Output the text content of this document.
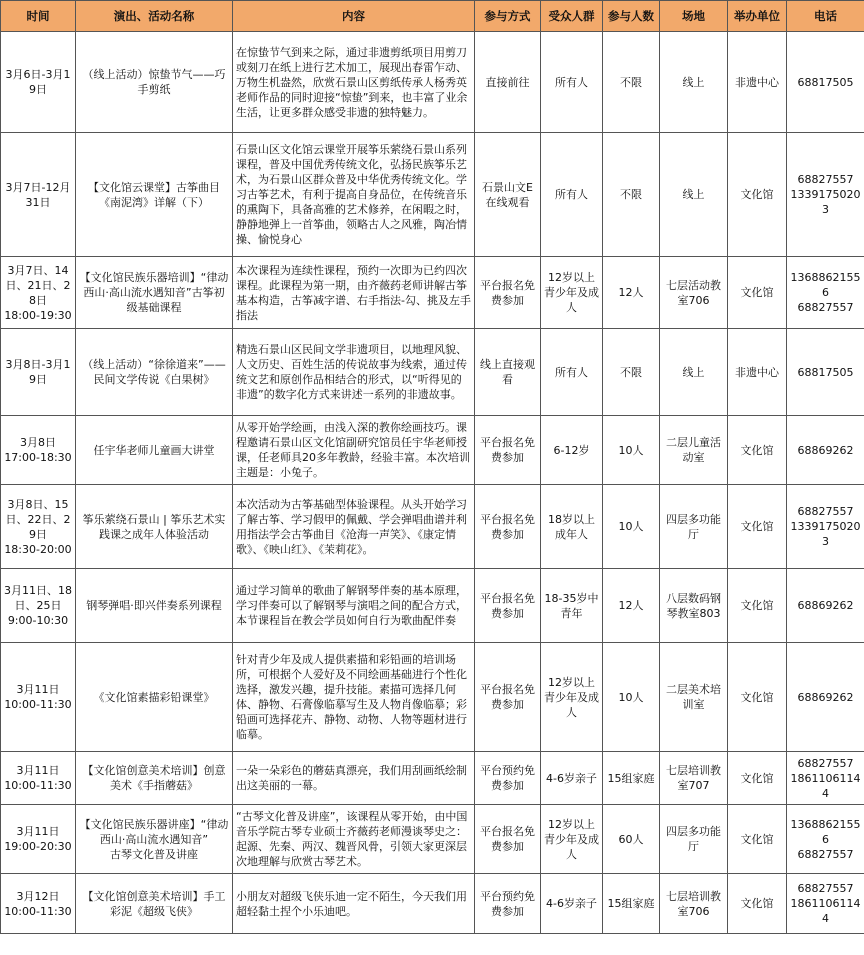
时间	演出、活动名称	内容	参与方式	受众人群	参与人数	场地	举办单位	电话

3月6日-3月19日	（线上活动）惊蛰节气——巧手剪纸	在惊蛰节气到来之际，通过非遗剪纸项目用剪刀或刻刀在纸上进行艺术加工，展现出春雷乍动、万物生机盎然，欣赏石景山区剪纸传承人杨秀英老师作品的同时迎接“惊蛰”到来，也丰富了业余生活，让更多群众感受非遗的独特魅力。	直接前往	所有人	不限	线上	非遗中心	68817505

3月7日-12月31日	【文化馆云课堂】古筝曲目《南泥湾》详解（下）	石景山区文化馆云课堂开展筝乐萦绕石景山系列课程，普及中国优秀传统文化，弘扬民族筝乐艺术，为石景山区群众普及中华优秀传统文化。学习古筝艺术，有利于提高自身品位，在传统音乐的熏陶下，具备高雅的艺术修养，在闲暇之时，静静地弹上一首筝曲，领略古人之风雅，陶冶情操、愉悦身心	石景山文E在线观看	所有人	不限	线上	文化馆	68827557
13391750203

3月7日、14日、21日、28日
18:00-19:30	【文化馆民族乐器培训】“律动西山·高山流水遇知音”古筝初级基础课程	本次课程为连续性课程，预约一次即为已约四次课程。此课程为第一期，由齐薇药老师讲解古筝基本构造，古筝减字谱、右手指法-勾、挑及左手指法	平台报名免费参加	12岁以上青少年及成人	12人	七层活动教室706	文化馆	13688621556
68827557

3月8日-3月19日	（线上活动）“徐徐道来”——民间文学传说《白果树》	精选石景山区民间文学非遗项目，以地理风貌、人文历史、百姓生活的传说故事为线索，通过传统文艺和原创作品相结合的形式，以“听得见的非遗”的数字化方式来讲述一系列的非遗故事。	线上直接观看	所有人	不限	线上	非遗中心	68817505

3月8日
17:00-18:30	任宇华老师儿童画大讲堂	从零开始学绘画，由浅入深的教你绘画技巧。课程邀请石景山区文化馆副研究馆员任宇华老师授课，任老师具20多年教龄，经验丰富。本次培训主题是：小兔子。	平台报名免费参加	6-12岁	10人	二层儿童活动室	文化馆	68869262

3月8日、15日、22日、29日
18:30-20:00	筝乐萦绕石景山 | 筝乐艺术实践课之成年人体验活动	本次活动为古筝基础型体验课程。从头开始学习了解古筝、学习假甲的佩戴、学会弹唱曲谱并利用指法学会古筝曲目《沧海一声笑》、《康定情歌》、《映山红》、《茉莉花》。	平台报名免费参加	18岁以上成年人	10人	四层多功能厅	文化馆	68827557
13391750203

3月11日、18日、25日
9:00-10:30	钢琴弹唱·即兴伴奏系列课程	通过学习简单的歌曲了解钢琴伴奏的基本原理，学习伴奏可以了解钢琴与演唱之间的配合方式，本节课程旨在教会学员如何自行为歌曲配伴奏	平台报名免费参加	18-35岁中青年	12人	八层数码钢琴教室803	文化馆	68869262

3月11日
10:00-11:30	《文化馆素描彩铅课堂》	针对青少年及成人提供素描和彩铅画的培训场所，可根据个人爱好及不同绘画基础进行个性化选择，激发兴趣，提升技能。素描可选择几何体、静物、石膏像临摹写生及人物肖像临摹；彩铅画可选择花卉、静物、动物、人物等题材进行临摹。	平台报名免费参加	12岁以上青少年及成人	10人	二层美术培训室	文化馆	68869262

3月11日
10:00-11:30	【文化馆创意美术培训】创意美术《手指蘑菇》	一朵一朵彩色的蘑菇真漂亮，我们用刮画纸绘制出这美丽的一幕。	平台预约免费参加	4-6岁亲子	15组家庭	七层培训教室707	文化馆	68827557
18611061144

3月11日
19:00-20:30	【文化馆民族乐器讲座】“律动西山·高山流水遇知音”
古琴文化普及讲座	“古琴文化普及讲座”，该课程从零开始，由中国音乐学院古琴专业硕士齐薇药老师漫谈琴史之：起源、先秦、两汉、魏晋风骨，引领大家更深层次地理解与欣赏古琴艺术。	平台报名免费参加	12岁以上青少年及成人	60人	四层多功能厅	文化馆	13688621556
68827557

3月12日
10:00-11:30	【文化馆创意美术培训】手工彩泥《超级飞侠》	小朋友对超级飞侠乐迪一定不陌生，今天我们用超轻黏土捏个小乐迪吧。	平台预约免费参加	4-6岁亲子	15组家庭	七层培训教室706	文化馆	68827557
18611061144
